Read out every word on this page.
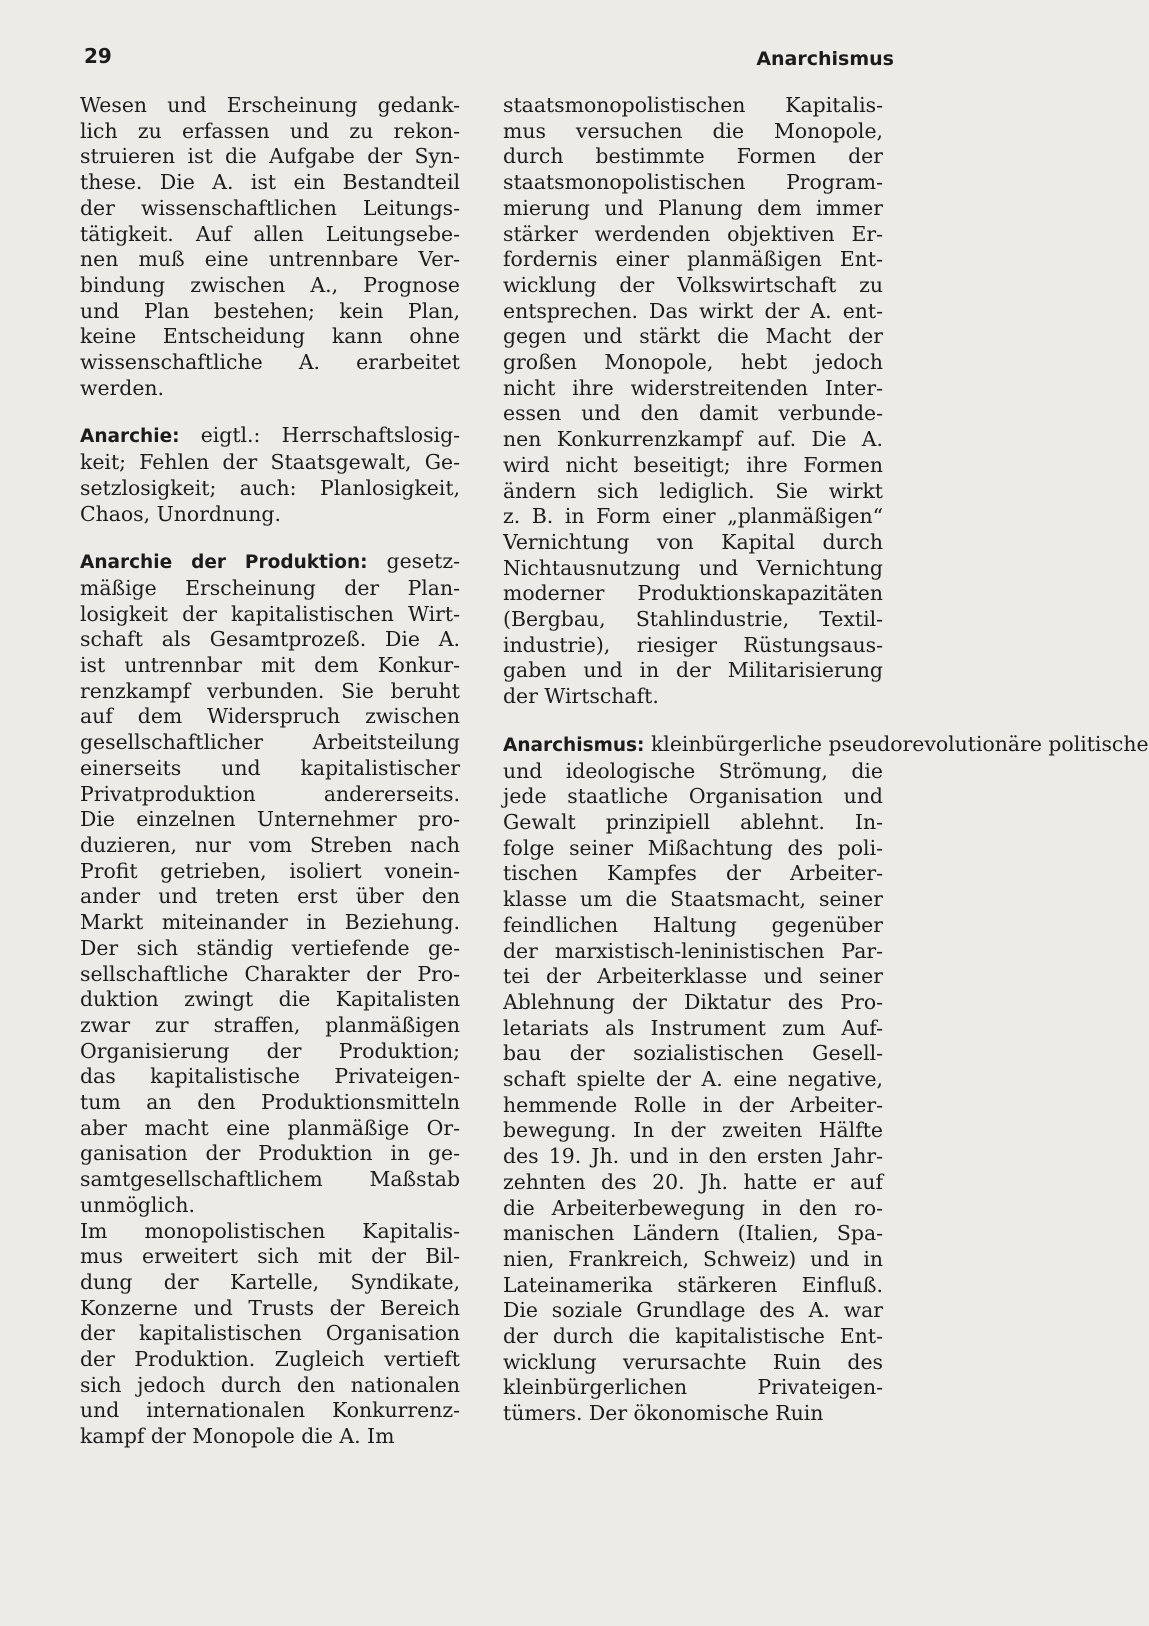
29	Anarchismus
Wesen und Erscheinung gedank-
lich zu erfassen und zu rekon-
struieren ist die Aufgabe der Syn-
these. Die A. ist ein Bestandteil
der wissenschaftlichen Leitungs-
tätigkeit. Auf allen Leitungsebe-
nen muß eine untrennbare Ver-
bindung zwischen A., Prognose
und Plan bestehen; kein Plan,
keine Entscheidung kann ohne
wissenschaftliche A. erarbeitet
werden.
Anarchie: eigtl.: Herrschaftslosig-
keit; Fehlen der Staatsgewalt, Ge-
setzlosigkeit; auch: Planlosigkeit,
Chaos, Unordnung.
Anarchie der Produktion: gesetz-
mäßige Erscheinung der Plan-
losigkeit der kapitalistischen Wirt-
schaft als Gesamtprozeß. Die A.
ist untrennbar mit dem Konkur-
renzkampf verbunden. Sie beruht
auf dem Widerspruch zwischen
gesellschaftlicher Arbeitsteilung
einerseits und kapitalistischer
Privatproduktion andererseits.
Die einzelnen Unternehmer pro-
duzieren, nur vom Streben nach
Profit getrieben, isoliert vonein-
ander und treten erst über den
Markt miteinander in Beziehung.
Der sich ständig vertiefende ge-
sellschaftliche Charakter der Pro-
duktion zwingt die Kapitalisten
zwar zur straffen, planmäßigen
Organisierung der Produktion;
das kapitalistische Privateigen-
tum an den Produktionsmitteln
aber macht eine planmäßige Or-
ganisation der Produktion in ge-
samtgesellschaftlichem Maßstab
unmöglich.
Im monopolistischen Kapitalis-
mus erweitert sich mit der Bil-
dung der Kartelle, Syndikate,
Konzerne und Trusts der Bereich
der kapitalistischen Organisation
der Produktion. Zugleich vertieft
sich jedoch durch den nationalen
und internationalen Konkurrenz-
kampf der Monopole die A. Im
staatsmonopolistischen Kapitalis-
mus versuchen die Monopole,
durch bestimmte Formen der
staatsmonopolistischen Program-
mierung und Planung dem immer
stärker werdenden objektiven Er-
fordernis einer planmäßigen Ent-
wicklung der Volkswirtschaft zu
entsprechen. Das wirkt der A. ent-
gegen und stärkt die Macht der
großen Monopole, hebt jedoch
nicht ihre widerstreitenden Inter-
essen und den damit verbunde-
nen Konkurrenzkampf auf. Die A.
wird nicht beseitigt; ihre Formen
ändern sich lediglich. Sie wirkt
z. B. in Form einer „planmäßigen“
Vernichtung von Kapital durch
Nichtausnutzung und Vernichtung
moderner Produktionskapazitäten
(Bergbau, Stahlindustrie, Textil-
industrie), riesiger Rüstungsaus-
gaben und in der Militarisierung
der Wirtschaft.
Anarchismus: kleinbürgerliche pseudorevolutionäre politische
und ideologische Strömung, die
jede staatliche Organisation und
Gewalt prinzipiell ablehnt. In-
folge seiner Mißachtung des poli-
tischen Kampfes der Arbeiter-
klasse um die Staatsmacht, seiner
feindlichen Haltung gegenüber
der marxistisch-leninistischen Par-
tei der Arbeiterklasse und seiner
Ablehnung der Diktatur des Pro-
letariats als Instrument zum Auf-
bau der sozialistischen Gesell-
schaft spielte der A. eine negative,
hemmende Rolle in der Arbeiter-
bewegung. In der zweiten Hälfte
des 19. Jh. und in den ersten Jahr-
zehnten des 20. Jh. hatte er auf
die Arbeiterbewegung in den ro-
manischen Ländern (Italien, Spa-
nien, Frankreich, Schweiz) und in
Lateinamerika stärkeren Einfluß.
Die soziale Grundlage des A. war
der durch die kapitalistische Ent-
wicklung verursachte Ruin des
kleinbürgerlichen Privateigen-
tümers. Der ökonomische Ruin
